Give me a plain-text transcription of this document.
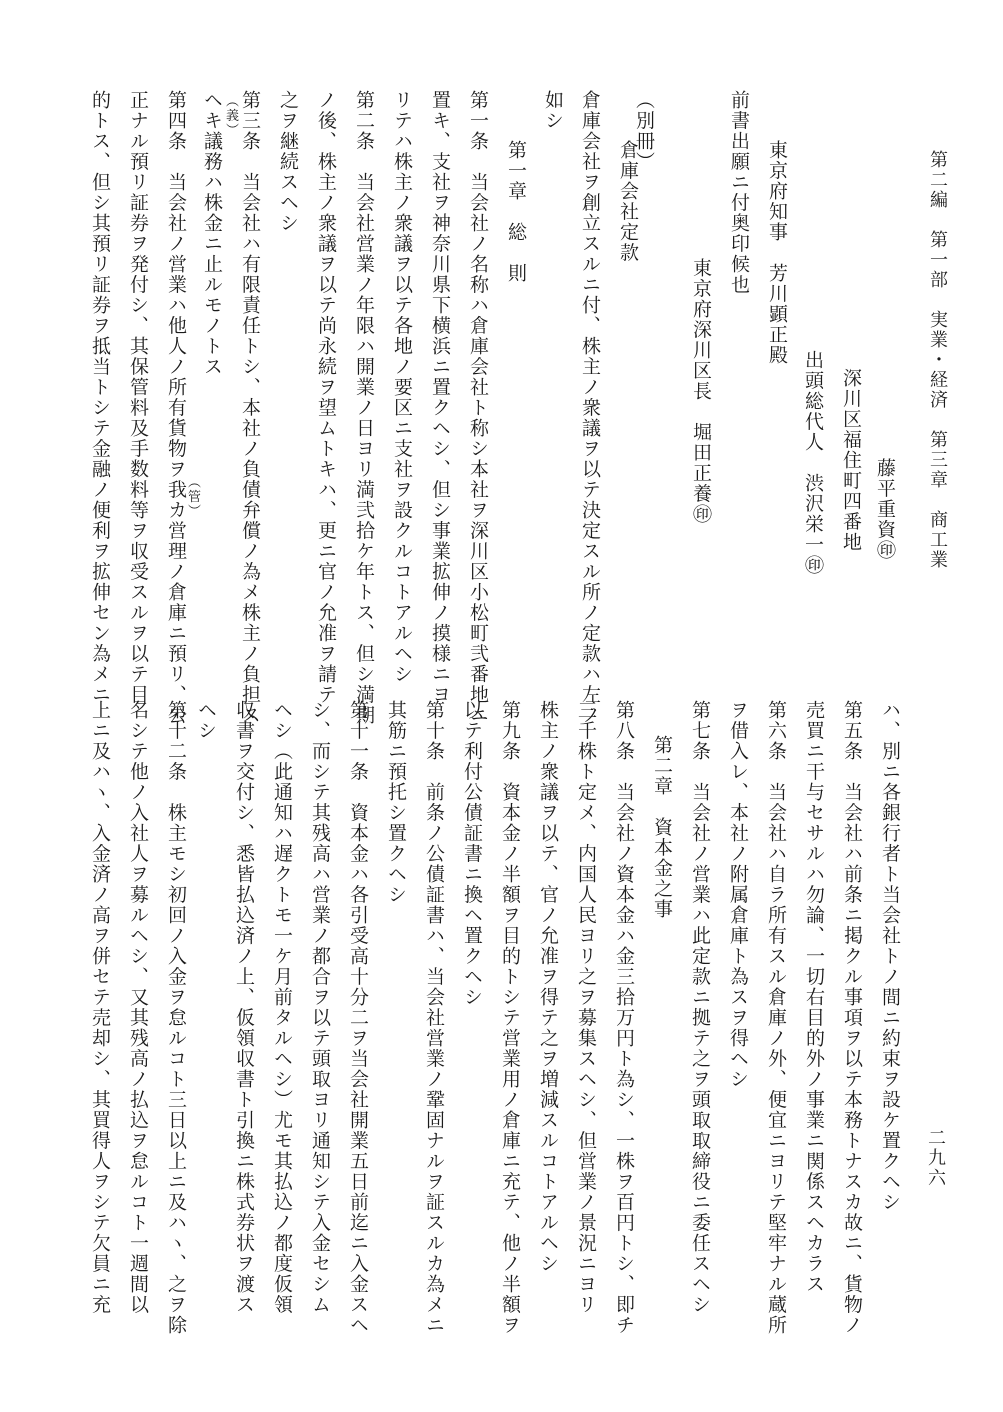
第二編　第一部　実業・経済　第三章　商工業
二九六
藤平重資㊞
深川区福住町四番地
出頭総代人　渋沢栄一㊞
東京府知事　芳川顕正殿
前書出願ニ付奥印候也
東京府深川区長　堀田正養㊞
（別冊）
倉庫会社定款
倉庫会社ヲ創立スルニ付、株主ノ衆議ヲ以テ決定スル所ノ定款ハ左ノ
如シ
第一章　総　則
第一条　当会社ノ名称ハ倉庫会社ト称シ本社ヲ深川区小松町弐番地ニ
置キ、支社ヲ神奈川県下横浜ニ置クヘシ、但シ事業拡伸ノ摸様ニヨ
リテハ株主ノ衆議ヲ以テ各地ノ要区ニ支社ヲ設クルコトアルヘシ
第二条　当会社営業ノ年限ハ開業ノ日ヨリ満弐拾ケ年トス、但シ満期
ノ後、株主ノ衆議ヲ以テ尚永続ヲ望ムトキハ、更ニ官ノ允准ヲ請テ
之ヲ継続スヘシ
第三条　当会社ハ有限責任トシ、本社ノ負債弁償ノ為メ株主ノ負担ス
（義）
ヘキ議務ハ株金ニ止ルモノトス
（管）
第四条　当会社ノ営業ハ他人ノ所有貨物ヲ我カ営理ノ倉庫ニ預リ、公
正ナル預リ証券ヲ発付シ、其保管料及手数料等ヲ収受スルヲ以テ目
的トス、但シ其預リ証券ヲ抵当トシテ金融ノ便利ヲ拡伸セン為メニ
ハ、別ニ各銀行者ト当会社トノ間ニ約束ヲ設ケ置クヘシ
第五条　当会社ハ前条ニ掲クル事項ヲ以テ本務トナスカ故ニ、貨物ノ
売買ニ干与セサルハ勿論、一切右目的外ノ事業ニ関係スヘカラス
第六条　当会社ハ自ラ所有スル倉庫ノ外、便宜ニヨリテ堅牢ナル蔵所
ヲ借入レ、本社ノ附属倉庫ト為スヲ得ヘシ
第七条　当会社ノ営業ハ此定款ニ拠テ之ヲ頭取取締役ニ委任スヘシ
第二章　資本金之事
第八条　当会社ノ資本金ハ金三拾万円ト為シ、一株ヲ百円トシ、即チ
三千株ト定メ、内国人民ヨリ之ヲ募集スヘシ、但営業ノ景況ニヨリ
株主ノ衆議ヲ以テ、官ノ允准ヲ得テ之ヲ増減スルコトアルヘシ
第九条　資本金ノ半額ヲ目的トシテ営業用ノ倉庫ニ充テ、他ノ半額ヲ
以テ利付公債証書ニ換ヘ置クヘシ
第十条　前条ノ公債証書ハ、当会社営業ノ鞏固ナルヲ証スルカ為メニ
其筋ニ預托シ置クヘシ
第十一条　資本金ハ各引受高十分二ヲ当会社開業五日前迄ニ入金スヘ
シ、而シテ其残高ハ営業ノ都合ヲ以テ頭取ヨリ通知シテ入金セシム
ヘシ（此通知ハ遅クトモ一ケ月前タルヘシ）尤モ其払込ノ都度仮領
収書ヲ交付シ、悉皆払込済ノ上、仮領収書ト引換ニ株式券状ヲ渡ス
ヘシ
第十二条　株主モシ初回ノ入金ヲ怠ルコト三日以上ニ及ハヽ、之ヲ除
名シテ他ノ入社人ヲ募ルヘシ、又其残高ノ払込ヲ怠ルコト一週間以
上ニ及ハヽ、入金済ノ高ヲ併セテ売却シ、其買得人ヲシテ欠員ニ充
